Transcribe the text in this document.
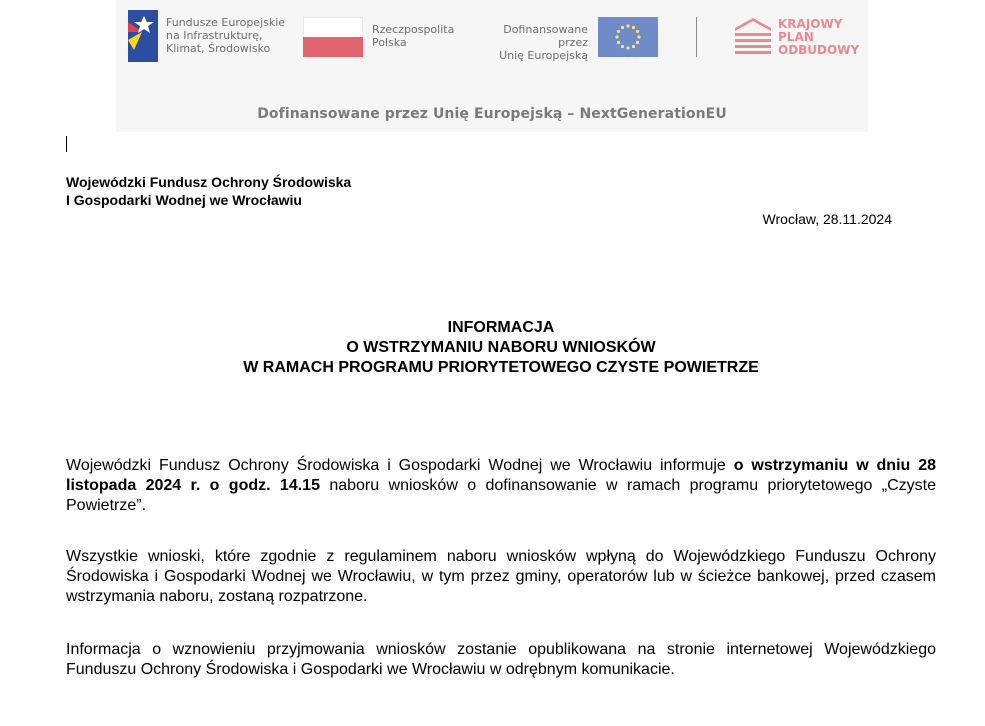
Fundusze Europejskie
na Infrastrukturę,
Klimat, Środowisko
Rzeczpospolita
Polska
Dofinansowane przez
Unię Europejską
KRAJOWY
PLAN
ODBUDOWY
Dofinansowane przez Unię Europejską – NextGenerationEU
Wojewódzki Fundusz Ochrony Środowiska
I Gospodarki Wodnej we Wrocławiu
Wrocław, 28.11.2024
INFORMACJA
O WSTRZYMANIU NABORU WNIOSKÓW
W RAMACH PROGRAMU PRIORYTETOWEGO CZYSTE POWIETRZE
Wojewódzki Fundusz Ochrony Środowiska i Gospodarki Wodnej we Wrocławiu informuje o wstrzymaniu w dniu 28 listopada 2024 r. o godz. 14.15 naboru wniosków o dofinansowanie w ramach programu priorytetowego „Czyste Powietrze”.
Wszystkie wnioski, które zgodnie z regulaminem naboru wniosków wpłyną do Wojewódzkiego Funduszu Ochrony Środowiska i Gospodarki Wodnej we Wrocławiu, w tym przez gminy, operatorów lub w ścieżce bankowej, przed czasem wstrzymania naboru, zostaną rozpatrzone.
Informacja o wznowieniu przyjmowania wniosków zostanie opublikowana na stronie internetowej Wojewódzkiego Funduszu Ochrony Środowiska i Gospodarki we Wrocławiu w odrębnym komunikacie.
